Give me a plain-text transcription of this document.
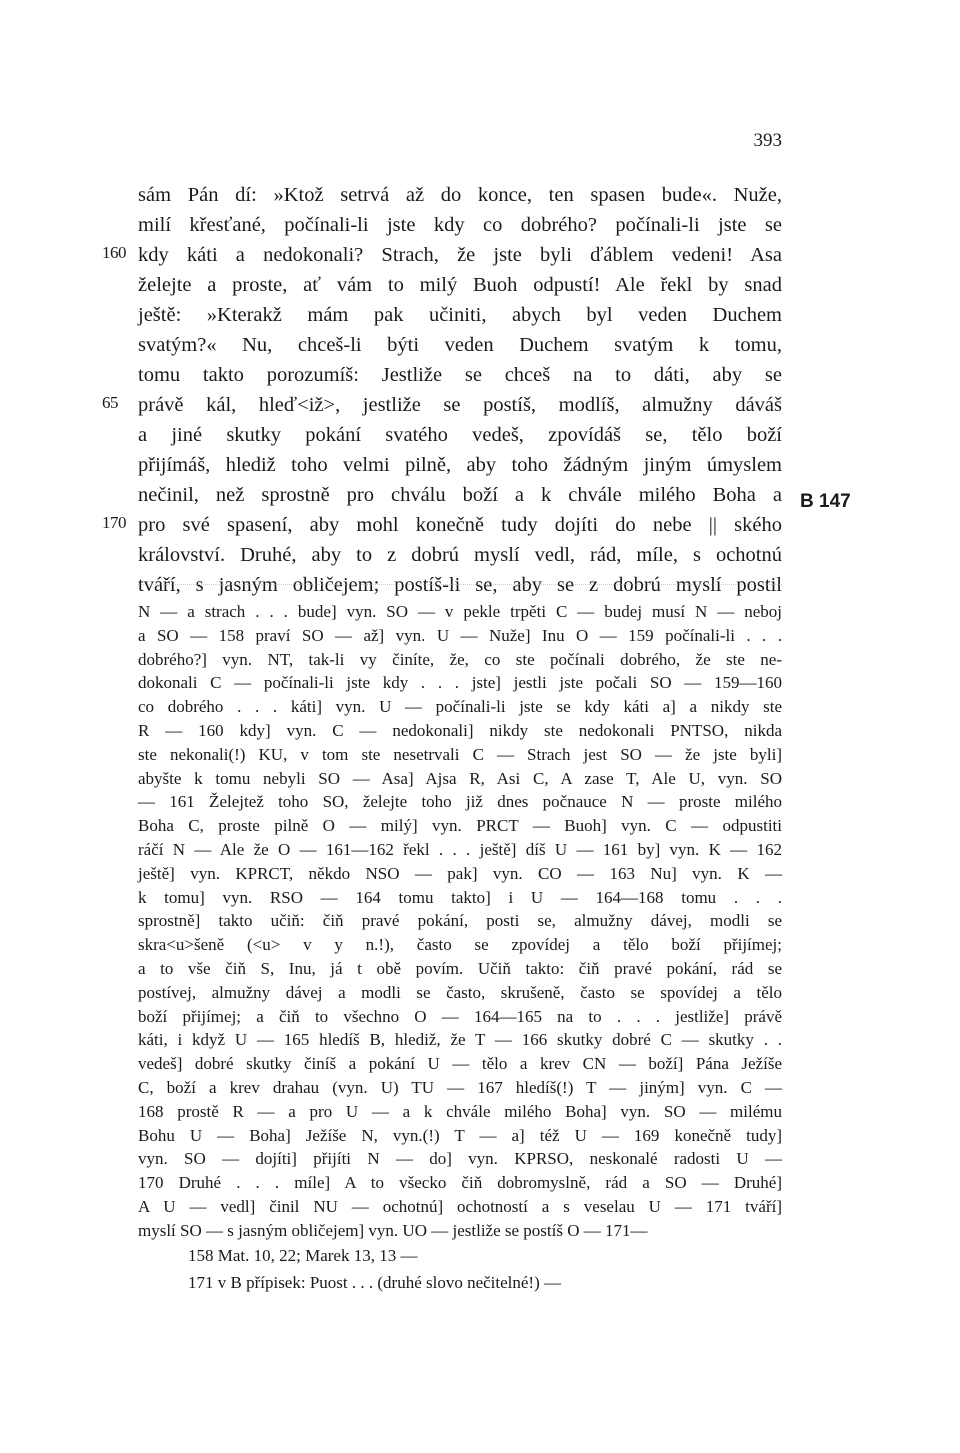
393
sám Pán dí: »Ktož setrvá až do konce, ten spasen bude«. Nuže,
milí křesťané, počínali-li jste kdy co dobrého? počínali-li jste se
kdy káti a nedokonali? Strach, že jste byli ďáblem vedeni! Asa
želejte a proste, ať vám to milý Buoh odpustí! Ale řekl by snad
ještě: »Kterakž mám pak učiniti, abych byl veden Duchem
svatým?« Nu, chceš-li býti veden Duchem svatým k tomu,
tomu takto porozumíš: Jestliže se chceš na to dáti, aby se
právě kál, hleď<iž>, jestliže se postíš, modlíš, almužny dáváš
a jiné skutky pokání svatého vedeš, zpovídáš se, tělo boží
přijímáš, hlediž toho velmi pilně, aby toho žádným jiným úmyslem
nečinil, než sprostně pro chválu boží a k chvále milého Boha a
pro své spasení, aby mohl konečně tudy dojíti do nebe || ského
království. Druhé, aby to z dobrú myslí vedl, rád, míle, s ochotnú
tváří, s jasným obličejem; postíš-li se, aby se z dobrú myslí postil
160
65
170
B 147
N — a strach . . . bude] vyn. SO — v pekle trpěti C — budej musí N — neboj
a SO — 158 praví SO — až] vyn. U — Nuže] Inu O — 159 počínali-li . . .
dobrého?] vyn. NT, tak-li vy činíte, že, co ste počínali dobrého, že ste ne-
dokonali C — počínali-li jste kdy . . . jste] jestli jste počali SO — 159—160
co dobrého . . . káti] vyn. U — počínali-li jste se kdy káti a] a nikdy ste
R — 160 kdy] vyn. C — nedokonali] nikdy ste nedokonali PNTSO, nikda
ste nekonali(!) KU, v tom ste nesetrvali C — Strach jest SO — že jste byli]
abyšte k tomu nebyli SO — Asa] Ajsa R, Asi C, A zase T, Ale U, vyn. SO
— 161 Želejtež toho SO, želejte toho již dnes počnauce N — proste milého
Boha C, proste pilně O — milý] vyn. PRCT — Buoh] vyn. C — odpustiti
ráčí N — Ale že O — 161—162 řekl . . . ještě] díš U — 161 by] vyn. K — 162
ještě] vyn. KPRCT, někdo NSO — pak] vyn. CO — 163 Nu] vyn. K —
k tomu] vyn. RSO — 164 tomu takto] i U — 164—168 tomu . . .
sprostně] takto učiň: čiň pravé pokání, posti se, almužny dávej, modli se
skra<u>šeně (<u> v y n.!), často se zpovídej a tělo boží přijímej;
a to vše čiň S, Inu, já t obě povím. Učiň takto: čiň pravé pokání, rád se
postívej, almužny dávej a modli se často, skrušeně, často se spovídej a tělo
boží přijímej; a čiň to všechno O — 164—165 na to . . . jestliže] právě
káti, i když U — 165 hledíš B, hlediž, že T — 166 skutky dobré C — skutky . .
vedeš] dobré skutky činíš a pokání U — tělo a krev CN — boží] Pána Ježíše
C, boží a krev drahau (vyn. U) TU — 167 hledíš(!) T — jiným] vyn. C —
168 prostě R — a pro U — a k chvále milého Boha] vyn. SO — milému
Bohu U — Boha] Ježíše N, vyn.(!) T — a] též U — 169 konečně tudy]
vyn. SO — dojíti] přijíti N — do] vyn. KPRSO, neskonalé radosti U —
170 Druhé . . . míle] A to všecko čiň dobromyslně, rád a SO — Druhé]
A U — vedl] činil NU — ochotnú] ochotností a s veselau U — 171 tváří]
myslí SO — s jasným obličejem] vyn. UO — jestliže se postíš O — 171—
158 Mat. 10, 22; Marek 13, 13 —
171 v B přípisek: Puost . . . (druhé slovo nečitelné!) —
